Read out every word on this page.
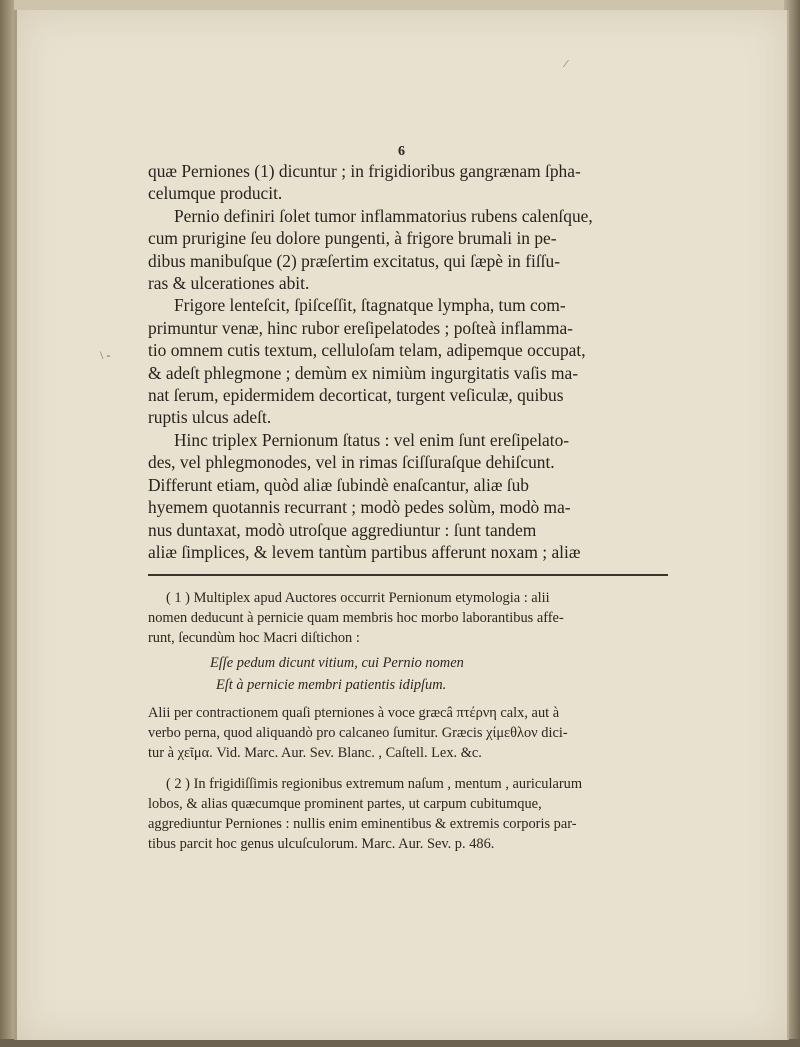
⁄
\ -
6

quæ Perniones (1) dicuntur ; in frigidioribus gangrænam ſpha-

celumque producit.

Pernio definiri ſolet tumor inflammatorius rubens calenſque,

cum prurigine ſeu dolore pungenti, à frigore brumali in pe-

dibus manibuſque (2) præſertim excitatus, qui ſæpè in fiſſu-

ras & ulcerationes abit.

Frigore lenteſcit, ſpiſceſſit, ſtagnatque lympha, tum com-

primuntur venæ, hinc rubor ereſipelatodes ; poſteà inflamma-

tio omnem cutis textum, celluloſam telam, adipemque occupat,

& adeſt phlegmone ; demùm ex nimiùm ingurgitatis vaſis ma-

nat ſerum, epidermidem decorticat, turgent veſiculæ, quibus

ruptis ulcus adeſt.

Hinc triplex Pernionum ſtatus : vel enim ſunt ereſipelato-

des, vel phlegmonodes, vel in rimas ſciſſuraſque dehiſcunt.

Differunt etiam, quòd aliæ ſubindè enaſcantur, aliæ ſub

hyemem quotannis recurrant ; modò pedes solùm, modò ma-

nus duntaxat, modò utroſque aggrediuntur : ſunt tandem

aliæ ſimplices, & levem tantùm partibus afferunt noxam ; aliæ

( 1 ) Multiplex apud Auctores occurrit Pernionum etymologia : alii

nomen deducunt à pernicie quam membris hoc morbo laborantibus affe-

runt, ſecundùm hoc Macri diſtichon :

Eſſe pedum dicunt vitium, cui Pernio nomen

Eſt à pernicie membri patientis idipſum.

Alii per contractionem quaſi pterniones à voce græcâ πτέρνη calx, aut à

verbo perna, quod aliquandò pro calcaneo ſumitur. Græcis χίμεθλον dici-

tur à χεῖμα. Vid. Marc. Aur. Sev. Blanc. , Caſtell. Lex. &c.

( 2 ) In frigidiſſimis regionibus extremum naſum , mentum , auricularum

lobos, & alias quæcumque prominent partes, ut carpum cubitumque,

aggrediuntur Perniones : nullis enim eminentibus & extremis corporis par-

tibus parcit hoc genus ulcuſculorum. Marc. Aur. Sev. p. 486.
